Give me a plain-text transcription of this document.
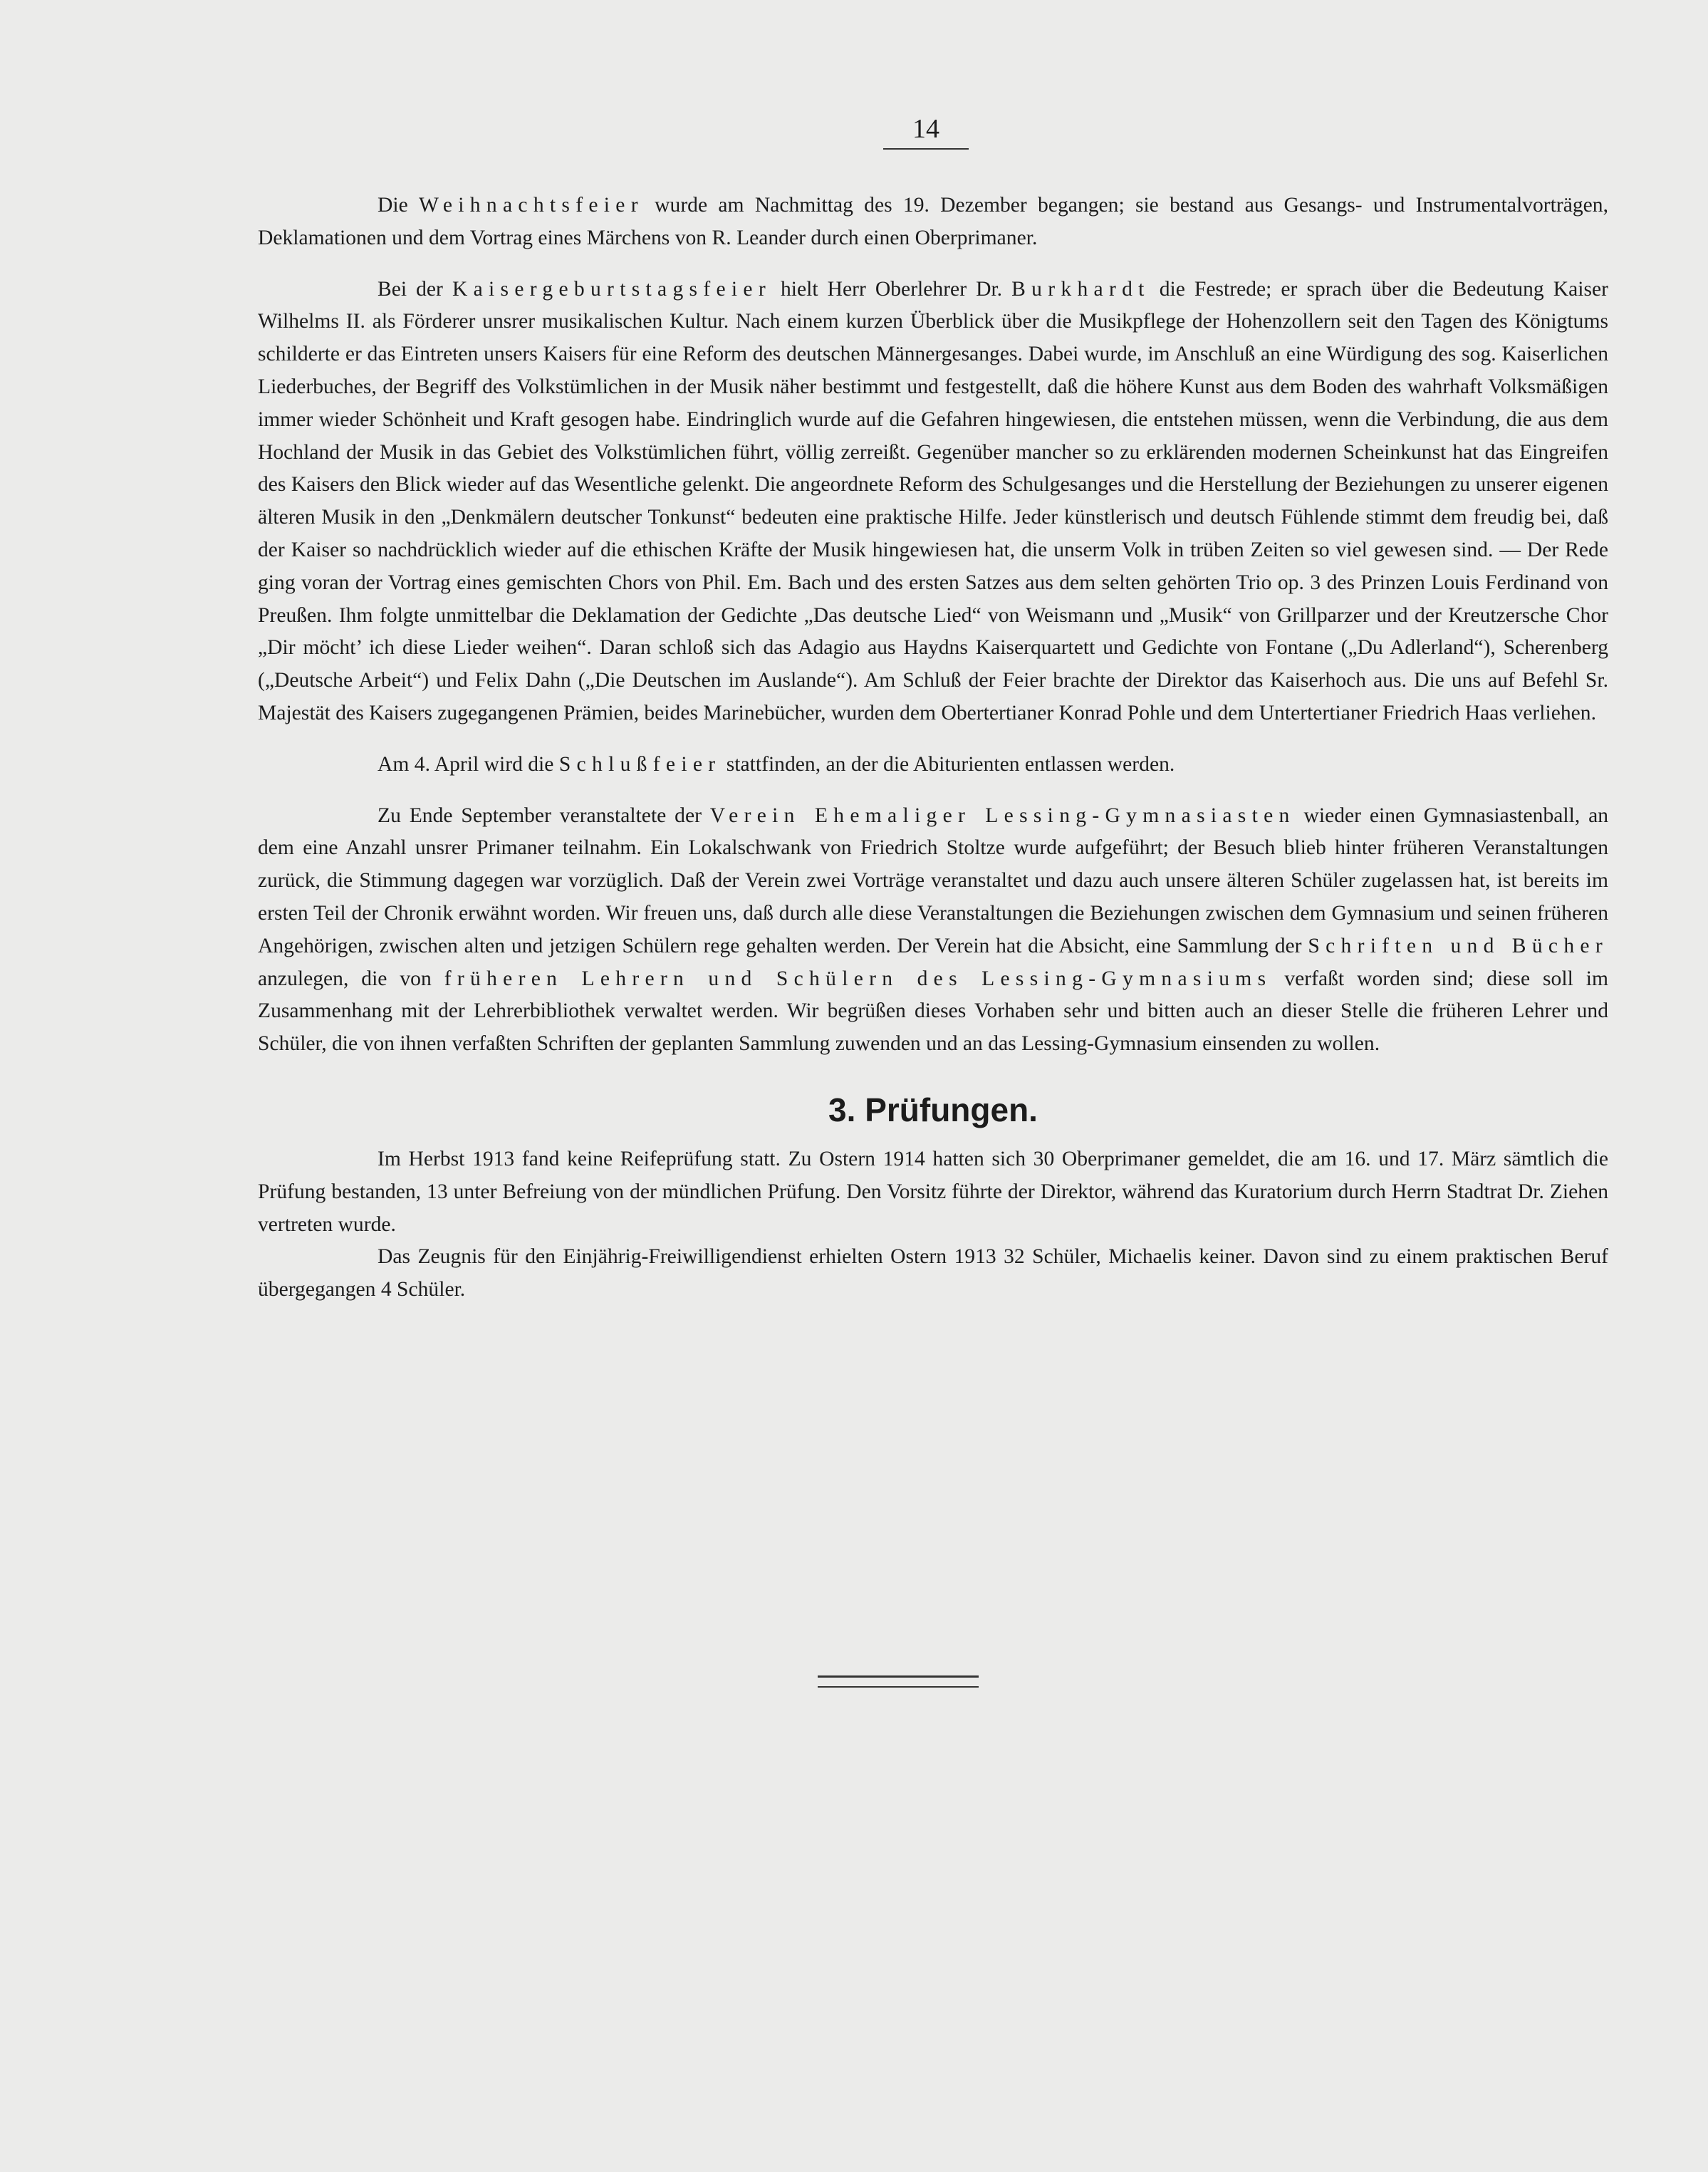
14

Die Weihnachtsfeier wurde am Nachmittag des 19. Dezember begangen; sie bestand aus Gesangs- und Instrumentalvorträgen, Deklamationen und dem Vortrag eines Märchens von R. Leander durch einen Oberprimaner.

Bei der Kaisergeburtstagsfeier hielt Herr Oberlehrer Dr. Burkhardt die Festrede; er sprach über die Bedeutung Kaiser Wilhelms II. als Förderer unsrer musikalischen Kultur. Nach einem kurzen Überblick über die Musikpflege der Hohenzollern seit den Tagen des Königtums schilderte er das Eintreten unsers Kaisers für eine Reform des deutschen Männergesanges. Dabei wurde, im Anschluß an eine Würdigung des sog. Kaiserlichen Liederbuches, der Begriff des Volkstümlichen in der Musik näher bestimmt und festgestellt, daß die höhere Kunst aus dem Boden des wahrhaft Volksmäßigen immer wieder Schönheit und Kraft gesogen habe. Eindringlich wurde auf die Gefahren hingewiesen, die entstehen müssen, wenn die Verbindung, die aus dem Hochland der Musik in das Gebiet des Volkstümlichen führt, völlig zerreißt. Gegenüber mancher so zu erklärenden modernen Scheinkunst hat das Eingreifen des Kaisers den Blick wieder auf das Wesentliche gelenkt. Die angeordnete Reform des Schulgesanges und die Herstellung der Beziehungen zu unserer eigenen älteren Musik in den „Denkmälern deutscher Tonkunst“ bedeuten eine praktische Hilfe. Jeder künstlerisch und deutsch Fühlende stimmt dem freudig bei, daß der Kaiser so nachdrücklich wieder auf die ethischen Kräfte der Musik hingewiesen hat, die unserm Volk in trüben Zeiten so viel gewesen sind. — Der Rede ging voran der Vortrag eines gemischten Chors von Phil. Em. Bach und des ersten Satzes aus dem selten gehörten Trio op. 3 des Prinzen Louis Ferdinand von Preußen. Ihm folgte unmittelbar die Deklamation der Gedichte „Das deutsche Lied“ von Weismann und „Musik“ von Grillparzer und der Kreutzersche Chor „Dir möcht’ ich diese Lieder weihen“. Daran schloß sich das Adagio aus Haydns Kaiserquartett und Gedichte von Fontane („Du Adlerland“), Scherenberg („Deutsche Arbeit“) und Felix Dahn („Die Deutschen im Auslande“). Am Schluß der Feier brachte der Direktor das Kaiserhoch aus. Die uns auf Befehl Sr. Majestät des Kaisers zugegangenen Prämien, beides Marinebücher, wurden dem Obertertianer Konrad Pohle und dem Untertertianer Friedrich Haas verliehen.

Am 4. April wird die Schlußfeier stattfinden, an der die Abiturienten entlassen werden.

Zu Ende September veranstaltete der Verein Ehemaliger Lessing-Gymnasiasten wieder einen Gymnasiastenball, an dem eine Anzahl unsrer Primaner teilnahm. Ein Lokalschwank von Friedrich Stoltze wurde aufgeführt; der Besuch blieb hinter früheren Veranstaltungen zurück, die Stimmung dagegen war vorzüglich. Daß der Verein zwei Vorträge veranstaltet und dazu auch unsere älteren Schüler zugelassen hat, ist bereits im ersten Teil der Chronik erwähnt worden. Wir freuen uns, daß durch alle diese Veranstaltungen die Beziehungen zwischen dem Gymnasium und seinen früheren Angehörigen, zwischen alten und jetzigen Schülern rege gehalten werden. Der Verein hat die Absicht, eine Sammlung der Schriften und Bücher anzulegen, die von früheren Lehrern und Schülern des Lessing-Gymnasiums verfaßt worden sind; diese soll im Zusammenhang mit der Lehrerbibliothek verwaltet werden. Wir begrüßen dieses Vorhaben sehr und bitten auch an dieser Stelle die früheren Lehrer und Schüler, die von ihnen verfaßten Schriften der geplanten Sammlung zuwenden und an das Lessing-Gymnasium einsenden zu wollen.

3. Prüfungen.

Im Herbst 1913 fand keine Reifeprüfung statt. Zu Ostern 1914 hatten sich 30 Oberprimaner gemeldet, die am 16. und 17. März sämtlich die Prüfung bestanden, 13 unter Befreiung von der mündlichen Prüfung. Den Vorsitz führte der Direktor, während das Kuratorium durch Herrn Stadtrat Dr. Ziehen vertreten wurde.

Das Zeugnis für den Einjährig-Freiwilligendienst erhielten Ostern 1913 32 Schüler, Michaelis keiner. Davon sind zu einem praktischen Beruf übergegangen 4 Schüler.
